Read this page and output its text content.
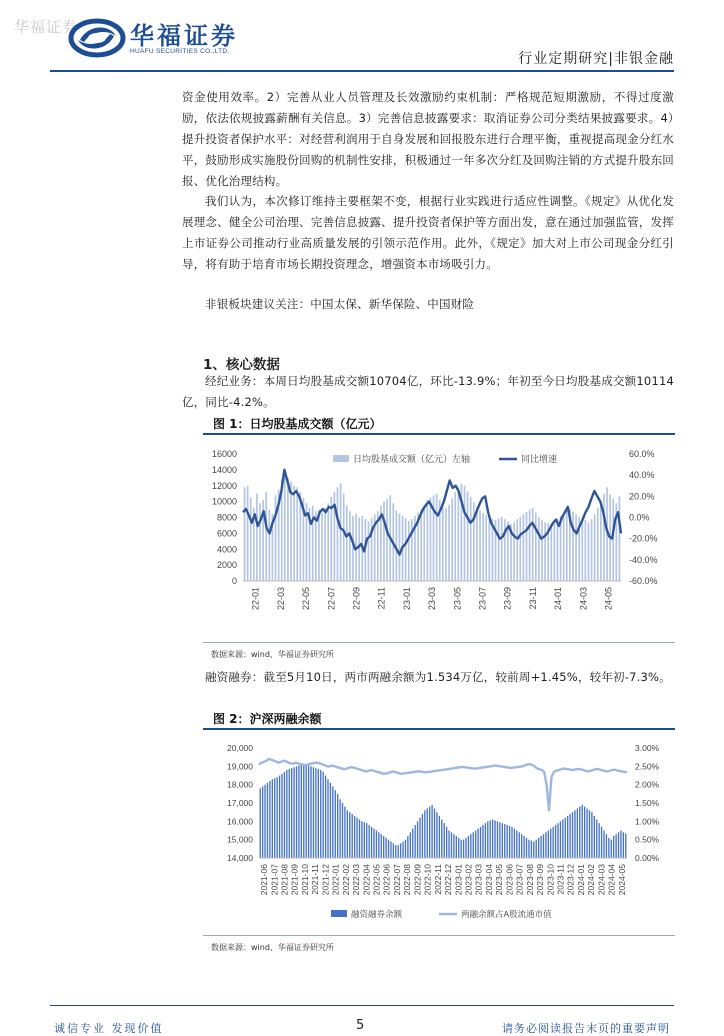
华福证券 华福证券
HUAFU SECURITIES CO.,LTD.	行业定期研究|非银金融

资金使用效率。2）完善从业人员管理及长效激励约束机制：严格规范短期激励，不得过度激励，依法依规披露薪酬有关信息。3）完善信息披露要求：取消证券公司分类结果披露要求。4）提升投资者保护水平：对经营利润用于自身发展和回报股东进行合理平衡，重视提高现金分红水平，鼓励形成实施股份回购的机制性安排，积极通过一年多次分红及回购注销的方式提升股东回报、优化治理结构。

我们认为，本次修订维持主要框架不变，根据行业实践进行适应性调整。《规定》从优化发展理念、健全公司治理、完善信息披露、提升投资者保护等方面出发，意在通过加强监管，发挥上市证券公司推动行业高质量发展的引领示范作用。此外，《规定》加大对上市公司现金分红引导，将有助于培育市场长期投资理念，增强资本市场吸引力。

非银板块建议关注：中国太保、新华保险、中国财险

1、核心数据

经纪业务：本周日均股基成交额10704亿，环比-13.9%；年初至今日均股基成交额10114亿，同比-4.2%。

图 1：日均股基成交额（亿元）
0
2000
4000
6000
8000
10000
12000
14000
16000
-60.0%
-40.0%
-20.0%
0.0%
20.0%
40.0%
60.0%
22-01 22-03 22-05 22-07 22-09 22-11 23-01 23-03 23-05 23-07 23-09 23-11 24-01 24-03 24-05
日均股基成交额（亿元）左轴	同比增速
数据来源：wind、华福证券研究所

融资融券：截至5月10日，两市两融余额为1.534万亿，较前周+1.45%，较年初-7.3%。

图 2：沪深两融余额
14,000
15,000
16,000
17,000
18,000
19,000
20,000
0.00%
0.50%
1.00%
1.50%
2.00%
2.50%
3.00%
2021-06 2021-07 2021-08 2021-09 2021-10 2021-11 2021-12 2022-01 2022-02 2022-03 2022-04 2022-05 2022-06 2022-07 2022-08 2022-09 2022-10 2022-11 2022-12 2023-01 2023-02 2023-03 2023-04 2023-05 2023-06 2023-07 2023-08 2023-09 2023-10 2023-11 2023-12 2024-01 2024-02 2024-03 2024-04 2024-05
融资融券余额	两融余额占A股流通市值
数据来源：wind、华福证券研究所
诚信专业 发现价值	5	请务必阅读报告末页的重要声明
